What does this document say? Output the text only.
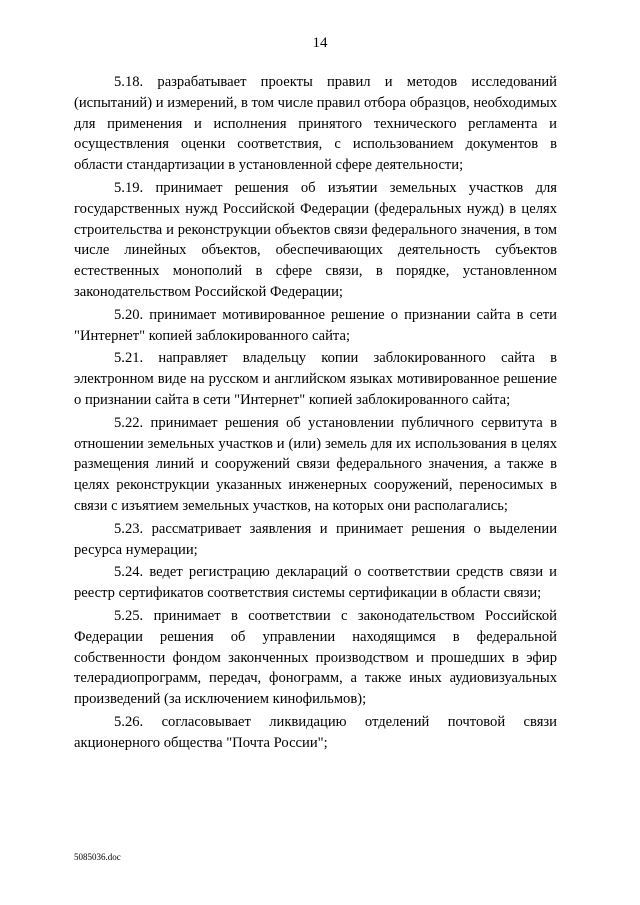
14

5.18. разрабатывает проекты правил и методов исследований (испытаний) и измерений, в том числе правил отбора образцов, необходимых для применения и исполнения принятого технического регламента и осуществления оценки соответствия, с использованием документов в области стандартизации в установленной сфере деятельности;

5.19. принимает решения об изъятии земельных участков для государственных нужд Российской Федерации (федеральных нужд) в целях строительства и реконструкции объектов связи федерального значения, в том числе линейных объектов, обеспечивающих деятельность субъектов естественных монополий в сфере связи, в порядке, установленном законодательством Российской Федерации;

5.20. принимает мотивированное решение о признании сайта в сети "Интернет" копией заблокированного сайта;

5.21. направляет владельцу копии заблокированного сайта в электронном виде на русском и английском языках мотивированное решение о признании сайта в сети "Интернет" копией заблокированного сайта;

5.22. принимает решения об установлении публичного сервитута в отношении земельных участков и (или) земель для их использования в целях размещения линий и сооружений связи федерального значения, а также в целях реконструкции указанных инженерных сооружений, переносимых в связи с изъятием земельных участков, на которых они располагались;

5.23. рассматривает заявления и принимает решения о выделении ресурса нумерации;

5.24. ведет регистрацию деклараций о соответствии средств связи и реестр сертификатов соответствия системы сертификации в области связи;

5.25. принимает в соответствии с законодательством Российской Федерации решения об управлении находящимся в федеральной собственности фондом законченных производством и прошедших в эфир телерадиопрограмм, передач, фонограмм, а также иных аудиовизуальных произведений (за исключением кинофильмов);

5.26. согласовывает ликвидацию отделений почтовой связи акционерного общества "Почта России";

5085036.doc
